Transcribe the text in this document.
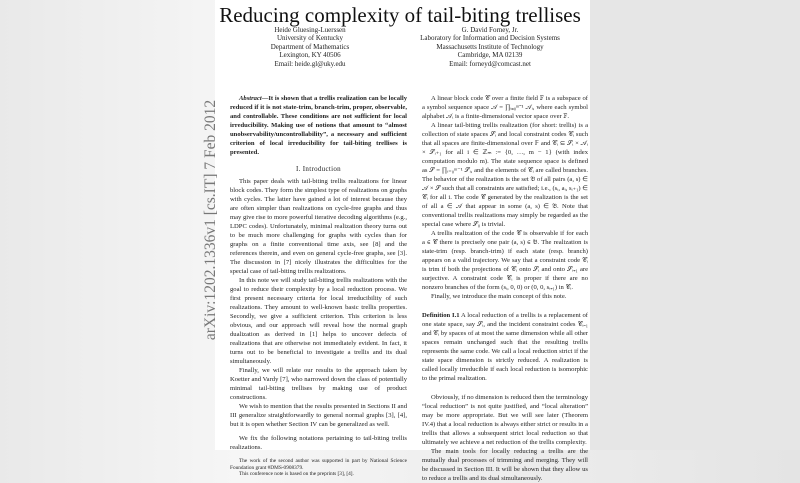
Reducing complexity of tail-biting trellises
Heide Gluesing-Luerssen
University of Kentucky
Department of Mathematics
Lexington, KY 40506
Email: heide.gl@uky.edu
G. David Forney, Jr.
Laboratory for Information and Decision Systems
Massachusetts Institute of Technology
Cambridge, MA 02139
Email: forneyd@comcast.net

Abstract—It is shown that a trellis realization can be locally reduced if it is not state-trim, branch-trim, proper, observable, and controllable. These conditions are not sufficient for local irreducibility. Making use of notions that amount to “almost unobservability/uncontrollability”, a necessary and sufficient criterion of local irreducibility for tail-biting trellises is presented.

I. Introduction

This paper deals with tail-biting trellis realizations for linear block codes. They form the simplest type of realizations on graphs with cycles. The latter have gained a lot of interest because they are often simpler than realizations on cycle-free graphs and thus may give rise to more powerful iterative decoding algorithms (e.g., LDPC codes). Unfortunately, minimal realization theory turns out to be much more challenging for graphs with cycles than for graphs on a finite conventional time axis, see [8] and the references therein, and even on general cycle-free graphs, see [3]. The discussion in [7] nicely illustrates the difficulties for the special case of tail-biting trellis realizations.

In this note we will study tail-biting trellis realizations with the goal to reduce their complexity by a local reduction process. We first present necessary criteria for local irreducibility of such realizations. They amount to well-known basic trellis properties. Secondly, we give a sufficient criterion. This criterion is less obvious, and our approach will reveal how the normal graph dualization as derived in [1] helps to uncover defects of realizations that are otherwise not immediately evident. In fact, it turns out to be beneficial to investigate a trellis and its dual simultaneously.

Finally, we will relate our results to the approach taken by Koetter and Vardy [7], who narrowed down the class of potentially minimal tail-biting trellises by making use of product constructions.

We wish to mention that the results presented in Sections II and III generalize straightforwardly to general normal graphs [3], [4], but it is open whether Section IV can be generalized as well.

We fix the following notations pertaining to tail-biting trellis realizations.

The work of the second author was supported in part by National Science Foundation grant #DMS-0908379.

This conference note is based on the preprints [3], [4].

A linear block code 𝒞 over a finite field 𝔽 is a subspace of a symbol sequence space 𝒜 = ∏ᵢ₌₀ᵐ⁻¹ 𝒜ᵢ, where each symbol alphabet 𝒜ᵢ is a finite-dimensional vector space over 𝔽.

A linear tail-biting trellis realization (for short: trellis) is a collection of state spaces 𝒮ᵢ and local constraint codes 𝒞ᵢ such that all spaces are finite-dimensional over 𝔽 and 𝒞ᵢ ⊆ 𝒮ᵢ × 𝒜ᵢ × 𝒮ᵢ₊₁ for all i ∈ ℤₘ := {0, …, m − 1} (with index computation modulo m). The state sequence space is defined as 𝒮 = ∏ᵢ₌₀ᵐ⁻¹ 𝒮ᵢ, and the elements of 𝒞ᵢ are called branches. The behavior of the realization is the set 𝔅 of all pairs (a, s) ∈ 𝒜 × 𝒮 such that all constraints are satisfied; i.e., (sᵢ, aᵢ, sᵢ₊₁) ∈ 𝒞ᵢ for all i. The code 𝒞 generated by the realization is the set of all a ∈ 𝒜 that appear in some (a, s) ∈ 𝔅. Note that conventional trellis realizations may simply be regarded as the special case where 𝒮₀ is trivial.

A trellis realization of the code 𝒞 is observable if for each a ∈ 𝒞 there is precisely one pair (a, s) ∈ 𝔅. The realization is state-trim (resp. branch-trim) if each state (resp. branch) appears on a valid trajectory. We say that a constraint code 𝒞ᵢ is trim if both the projections of 𝒞ᵢ onto 𝒮ᵢ and onto 𝒮ᵢ₊₁ are surjective. A constraint code 𝒞ᵢ is proper if there are no nonzero branches of the form (sᵢ, 0, 0) or (0, 0, sᵢ₊₁) in 𝒞ᵢ.

Finally, we introduce the main concept of this note.

Definition I.1 A local reduction of a trellis is a replacement of one state space, say 𝒮ᵢ, and the incident constraint codes 𝒞ᵢ₋₁ and 𝒞ᵢ by spaces of at most the same dimension while all other spaces remain unchanged such that the resulting trellis represents the same code. We call a local reduction strict if the state space dimension is strictly reduced. A realization is called locally irreducible if each local reduction is isomorphic to the primal realization.

Obviously, if no dimension is reduced then the terminology “local reduction” is not quite justified, and “local alteration” may be more appropriate. But we will see later (Theorem IV.4) that a local reduction is always either strict or results in a trellis that allows a subsequent strict local reduction so that ultimately we achieve a net reduction of the trellis complexity.

The main tools for locally reducing a trellis are the mutually dual processes of trimming and merging. They will be discussed in Section III. It will be shown that they allow us to reduce a trellis and its dual simultaneously.

arXiv:1202.1336v1 [cs.IT] 7 Feb 2012
